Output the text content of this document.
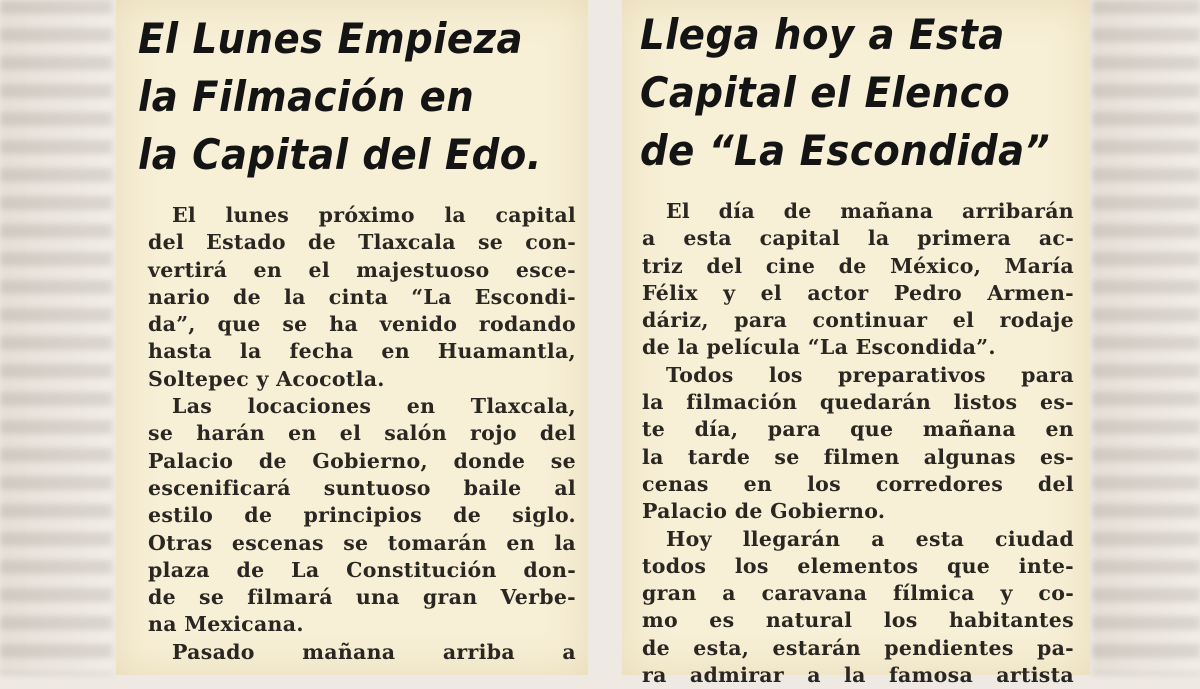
El Lunes Empieza
la Filmación en
la Capital del Edo.
El lunes próximo la capital
del Estado de Tlaxcala se con-
vertirá en el majestuoso esce-
nario de la cinta “La Escondi-
da”, que se ha venido rodando
hasta la fecha en Huamantla,
Soltepec y Acocotla.
Las locaciones en Tlaxcala,
se harán en el salón rojo del
Palacio de Gobierno, donde se
escenificará suntuoso baile al
estilo de principios de siglo.
Otras escenas se tomarán en la
plaza de La Constitución don-
de se filmará una gran Verbe-
na Mexicana.
Pasado mañana arriba a
Llega hoy a Esta
Capital el Elenco
de “La Escondida”
El día de mañana arribarán
a esta capital la primera ac-
triz del cine de México, María
Félix y el actor Pedro Armen-
dáriz, para continuar el rodaje
de la película “La Escondida”.
Todos los preparativos para
la filmación quedarán listos es-
te día, para que mañana en
la tarde se filmen algunas es-
cenas en los corredores del
Palacio de Gobierno.
Hoy llegarán a esta ciudad
todos los elementos que inte-
gran a caravana fílmica y co-
mo es natural los habitantes
de esta, estarán pendientes pa-
ra admirar a la famosa artista
